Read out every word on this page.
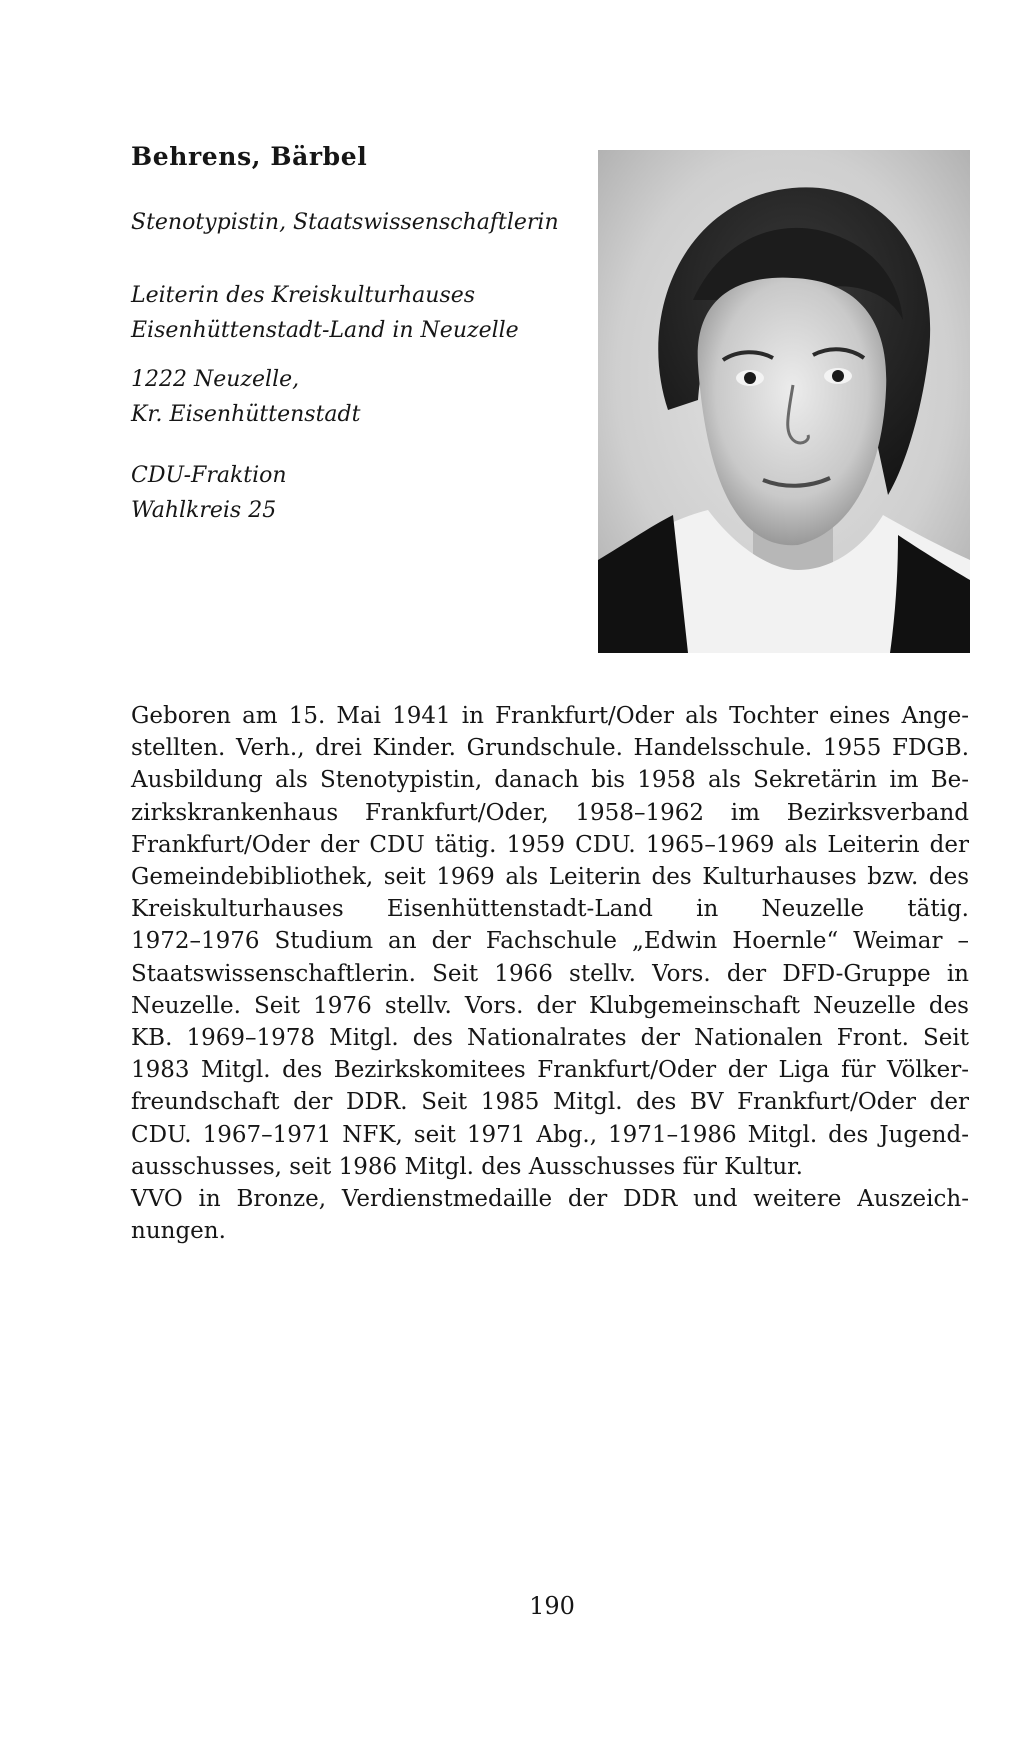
Behrens, Bärbel
Stenotypistin, Staatswissenschaftlerin
Leiterin des Kreiskulturhauses
Eisenhüttenstadt-Land in Neuzelle
1222 Neuzelle,
Kr. Eisenhüttenstadt
CDU-Fraktion
Wahlkreis 25
Geboren am 15. Mai 1941 in Frankfurt/Oder als Tochter eines Ange-
stellten. Verh., drei Kinder. Grundschule. Handelsschule. 1955 FDGB.
Ausbildung als Stenotypistin, danach bis 1958 als Sekretärin im Be-
zirkskrankenhaus Frankfurt/Oder, 1958–1962 im Bezirksverband
Frankfurt/Oder der CDU tätig. 1959 CDU. 1965–1969 als Leiterin der
Gemeindebibliothek, seit 1969 als Leiterin des Kulturhauses bzw. des
Kreiskulturhauses Eisenhüttenstadt-Land in Neuzelle tätig.
1972–1976 Studium an der Fachschule „Edwin Hoernle“ Weimar –
Staatswissenschaftlerin. Seit 1966 stellv. Vors. der DFD-Gruppe in
Neuzelle. Seit 1976 stellv. Vors. der Klubgemeinschaft Neuzelle des
KB. 1969–1978 Mitgl. des Nationalrates der Nationalen Front. Seit
1983 Mitgl. des Bezirkskomitees Frankfurt/Oder der Liga für Völker-
freundschaft der DDR. Seit 1985 Mitgl. des BV Frankfurt/Oder der
CDU. 1967–1971 NFK, seit 1971 Abg., 1971–1986 Mitgl. des Jugend-
ausschusses, seit 1986 Mitgl. des Ausschusses für Kultur.
VVO in Bronze, Verdienstmedaille der DDR und weitere Auszeich-
nungen.
190
